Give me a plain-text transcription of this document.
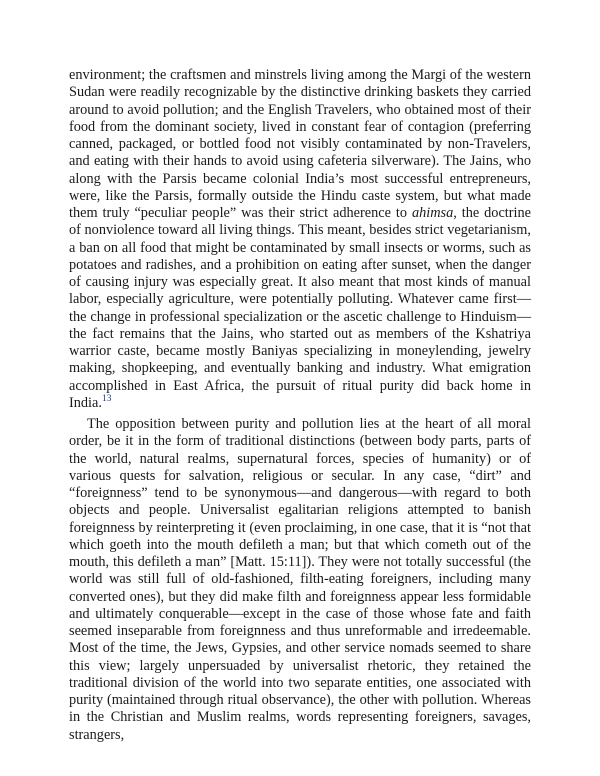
environment; the craftsmen and minstrels living among the Margi of the western Sudan were readily recognizable by the distinctive drinking baskets they carried around to avoid pollution; and the English Travelers, who obtained most of their food from the dominant society, lived in constant fear of contagion (preferring canned, packaged, or bottled food not visibly contaminated by non-Travelers, and eating with their hands to avoid using cafeteria silverware). The Jains, who along with the Parsis became colonial India’s most successful entrepreneurs, were, like the Parsis, formally outside the Hindu caste system, but what made them truly “peculiar people” was their strict adherence to ahimsa, the doctrine of nonviolence toward all living things. This meant, besides strict vegetarianism, a ban on all food that might be contaminated by small insects or worms, such as potatoes and radishes, and a prohibition on eating after sunset, when the danger of causing injury was especially great. It also meant that most kinds of manual labor, especially agriculture, were potentially polluting. Whatever came first—the change in professional specialization or the ascetic challenge to Hinduism—the fact remains that the Jains, who started out as members of the Kshatriya warrior caste, became mostly Baniyas specializing in moneylending, jewelry making, shopkeeping, and eventually banking and industry. What emigration accomplished in East Africa, the pursuit of ritual purity did back home in India.$^{13}$

The opposition between purity and pollution lies at the heart of all moral order, be it in the form of traditional distinctions (between body parts, parts of the world, natural realms, supernatural forces, species of humanity) or of various quests for salvation, religious or secular. In any case, “dirt” and “foreignness” tend to be synonymous—and dangerous—with regard to both objects and people. Universalist egalitarian religions attempted to banish foreignness by reinterpreting it (even proclaiming, in one case, that it is “not that which goeth into the mouth defileth a man; but that which cometh out of the mouth, this defileth a man” [Matt. 15:11]). They were not totally successful (the world was still full of old-fashioned, filth-eating foreigners, including many converted ones), but they did make filth and foreignness appear less formidable and ultimately conquerable—except in the case of those whose fate and faith seemed inseparable from foreignness and thus unreformable and irredeemable. Most of the time, the Jews, Gypsies, and other service nomads seemed to share this view; largely unpersuaded by universalist rhetoric, they retained the traditional division of the world into two separate entities, one associated with purity (maintained through ritual observance), the other with pollution. Whereas in the Christian and Muslim realms, words representing foreigners, savages, strangers,
